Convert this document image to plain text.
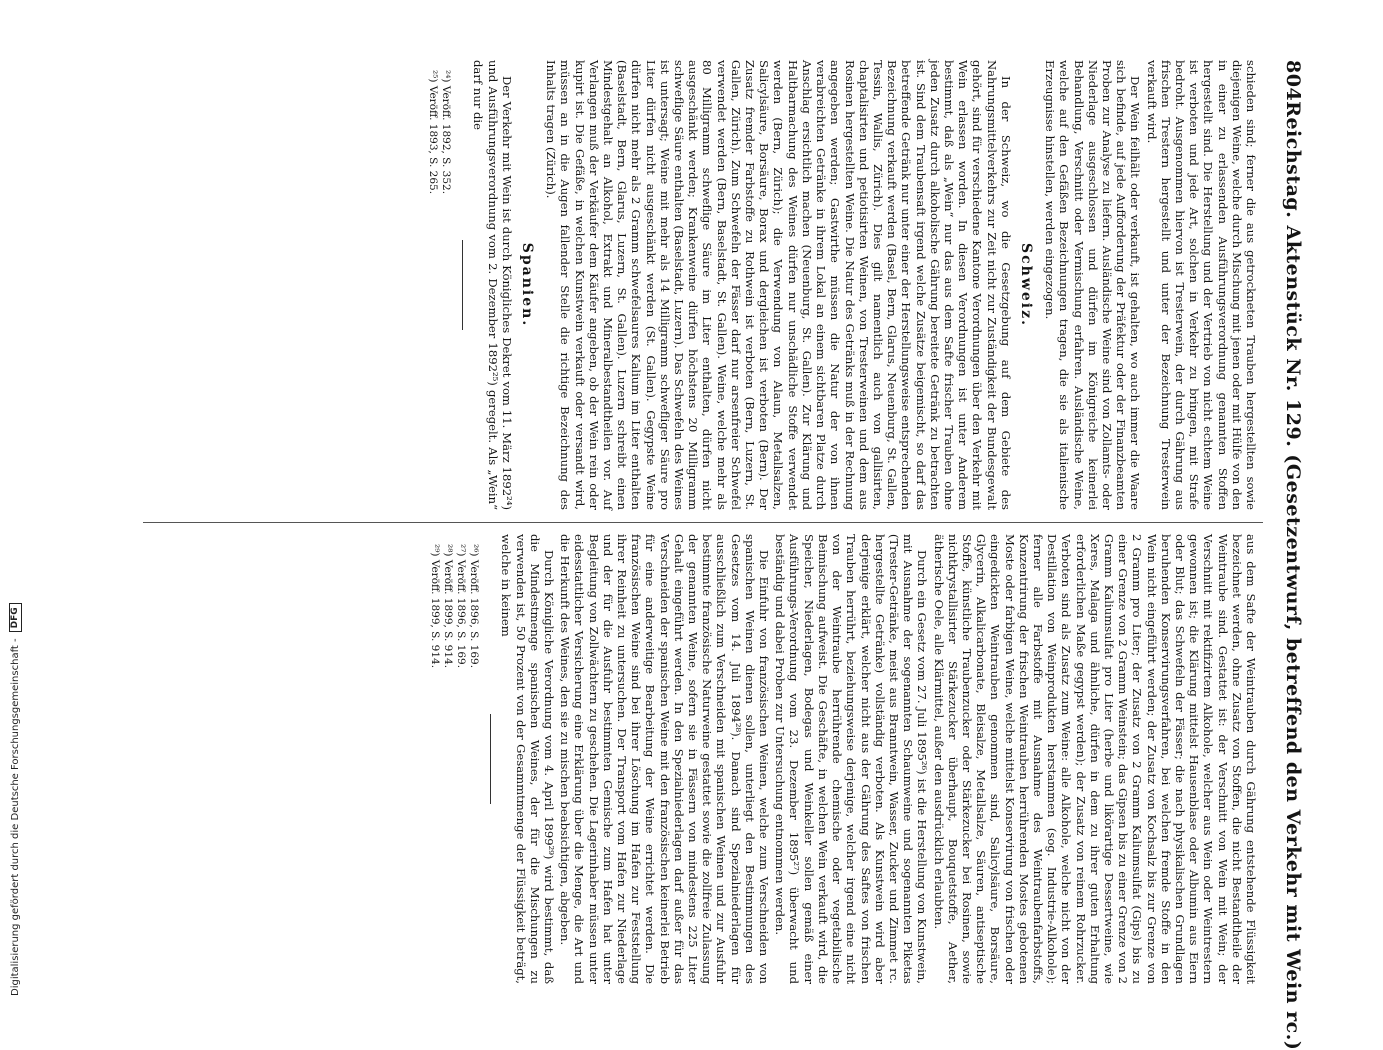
804
Reichstag. Aktenstück Nr. 129. (Gesetzentwurf, betreffend den Verkehr mit Wein rc.)

schieden sind; ferner die aus getrockneten Trauben hergestellten sowie diejenigen Weine, welche durch Mischung mit jenen oder mit Hülfe von den in einer zu erlassenden Ausführungsverordnung genannten Stoffen hergestellt sind. Die Herstellung und der Vertrieb von nicht echtem Weine ist verboten und jede Art, solchen in Verkehr zu bringen, mit Strafe bedroht. Ausgenommen hiervon ist Tresterwein, der durch Gährung aus frischen Trestern hergestellt und unter der Bezeichnung Tresterwein verkauft wird.

Der Wein feilhält oder verkauft, ist gehalten, wo auch immer die Waare sich befinde, auf jede Aufforderung der Präfektur oder der Finanzbeamten Proben zur Analyse zu liefern. Ausländische Weine sind von Zollamts- oder Niederlage ausgeschlossen und dürfen im Königreiche keinerlei Behandlung, Verschnitt oder Vermischung erfahren. Ausländische Weine, welche auf den Gefäßen Bezeichnungen tragen, die sie als italienische Erzeugnisse hinstellen, werden eingezogen.

Schweiz.

In der Schweiz, wo die Gesetzgebung auf dem Gebiete des Nahrungsmittelverkehrs zur Zeit nicht zur Zuständigkeit der Bundesgewalt gehört, sind für verschiedene Kantone Verordnungen über den Verkehr mit Wein erlassen worden. In diesen Verordnungen ist unter Anderem bestimmt, daß als „Wein“ nur das aus dem Safte frischer Trauben ohne jeden Zusatz durch alkoholische Gährung bereitete Getränk zu betrachten ist. Sind dem Traubensaft irgend welche Zusätze beigemischt, so darf das betreffende Getränk nur unter einer der Herstellungsweise entsprechenden Bezeichnung verkauft werden (Basel, Bern, Glarus, Neuenburg, St. Gallen, Tessin, Wallis, Zürich). Dies gilt namentlich auch von gallisirten, chaptalisirten und petiotisirten Weinen, von Tresterweinen und dem aus Rosinen hergestellten Weine. Die Natur des Getränks muß in der Rechnung angegeben werden; Gastwirthe müssen die Natur der von ihnen verabreichten Getränke in ihrem Lokal an einem sichtbaren Platze durch Anschlag ersichtlich machen (Neuenburg, St. Gallen). Zur Klärung und Haltbarmachung des Weines dürfen nur unschädliche Stoffe verwendet werden (Bern, Zürich); die Verwendung von Alaun, Metallsalzen, Salicylsäure, Borsäure, Borax und dergleichen ist verboten (Bern). Der Zusatz fremder Farbstoffe zu Rothwein ist verboten (Bern, Luzern, St. Gallen, Zürich). Zum Schwefeln der Fässer darf nur arsenfreier Schwefel verwendet werden (Bern, Baselstadt, St. Gallen). Weine, welche mehr als 80 Milligramm schweflige Säure im Liter enthalten, dürfen nicht ausgeschänkt werden; Krankenweine dürfen höchstens 20 Milligramm schweflige Säure enthalten (Baselstadt, Luzern). Das Schwefeln des Weines ist untersagt; Weine mit mehr als 14 Milligramm schwefliger Säure pro Liter dürfen nicht ausgeschänkt werden (St. Gallen). Gegypste Weine dürfen nicht mehr als 2 Gramm schwefelsaures Kalium im Liter enthalten (Baselstadt, Bern, Glarus, Luzern, St. Gallen). Luzern schreibt einen Mindestgehalt an Alkohol, Extrakt und Mineralbestandtheilen vor. Auf Verlangen muß der Verkäufer dem Käufer angeben, ob der Wein rein oder kupirt ist. Die Gefäße, in welchen Kunstwein verkauft oder versandt wird, müssen an in die Augen fallender Stelle die richtige Bezeichnung des Inhalts tragen (Zürich).

Spanien.

Der Verkehr mit Wein ist durch Königliches Dekret vom 11. März 1892²⁴) und Ausführungsverordnung vom 2. Dezember 1892²⁵) geregelt. Als „Wein“ darf nur die

²⁴) Veröff. 1892, S. 352.

²⁵) Veröff. 1893, S. 265.

aus dem Safte der Weintrauben durch Gährung entstehende Flüssigkeit bezeichnet werden, ohne Zusatz von Stoffen, die nicht Bestandtheile der Weintraube sind. Gestattet ist: der Verschnitt von Wein mit Wein; der Verschnitt mit rektifizirtem Alkohole, welcher aus Wein oder Weintrestern gewonnen ist; die Klärung mittelst Hausenblase oder Albumin aus Eiern oder Blut; das Schwefeln der Fässer; die nach physikalischen Grundlagen beruhenden Konservirungsverfahren, bei welchen fremde Stoffe in den Wein nicht eingeführt werden; der Zusatz von Kochsalz bis zur Grenze von 2 Gramm pro Liter; der Zusatz von 2 Gramm Kaliumsulfat (Gips) bis zu einer Grenze von 2 Gramm Weinstein; das Gipsen bis zu einer Grenze von 2 Gramm Kaliumsulfat pro Liter (herbe und likörartige Dessertweine, wie Xeres, Malaga und ähnliche, dürfen in dem zu ihrer guten Erhaltung erforderlichen Maße gegypst werden); der Zusatz von reinem Rohrzucker. Verboten sind als Zusatz zum Weine: alle Alkohole, welche nicht von der Destillation von Weinprodukten herstammen (sog. Industrie-Alkohole); ferner alle Farbstoffe mit Ausnahme des Weintraubenfarbstoffs, Konzentrirung der frischen Weintrauben herrührenden Mostes gebotenen Moste oder farbigen Weine, welche mittelst Konservirung von frischen oder eingedickten Weintrauben genommen sind, Salicylsäure, Borsäure, Glycerin, Alkalicarbonate, Bleisalze, Metallsalze, Säuren, antiseptische Stoffe, künstliche Traubenzucker oder Stärkezucker bei Rosinen, sowie nichtkrystallisirter Stärkezucker überhaupt, Bouquetstoffe, Aether, ätherische Oele, alle Klärmittel, außer den ausdrücklich erlaubten.

Durch ein Gesetz vom 27. Juli 1895²⁶) ist die Herstellung von Kunstwein, mit Ausnahme der sogenannten Schaumweine und sogenannten Piketas (Trester-Getränke, meist aus Branntwein, Wasser, Zucker und Zimmet rc. hergestellte Getränke) vollständig verboten. Als Kunstwein wird aber derjenige erklärt, welcher nicht aus der Gährung des Saftes von frischen Trauben herrührt, beziehungsweise derjenige, welcher irgend eine nicht von der Weintraube herrührende chemische oder vegetabilische Beimischung aufweist. Die Geschäfte, in welchen Wein verkauft wird, die Speicher, Niederlagen, Bodegas und Weinkeller sollen gemäß einer Ausführungs-Verordnung vom 23. Dezember 1895²⁷) überwacht und beständig und dabei Proben zur Untersuchung entnommen werden.

Die Einfuhr von französischen Weinen, welche zum Verschneiden von spanischen Weinen dienen sollen, unterliegt den Bestimmungen des Gesetzes vom 14. Juli 1894²⁸). Danach sind Spezialniederlagen für ausschließlich zum Verschneiden mit spanischen Weinen und zur Ausfuhr bestimmte französische Naturweine gestattet sowie die zollfreie Zulassung der genannten Weine, sofern sie in Fässern von mindestens 225 Liter Gehalt eingeführt werden. In den Spezialniederlagen darf außer für das Verschneiden der spanischen Weine mit den französischen keinerlei Betrieb für eine anderweitige Bearbeitung der Weine errichtet werden. Die französischen Weine sind bei ihrer Löschung im Hafen zur Feststellung ihrer Reinheit zu untersuchen. Der Transport vom Hafen zur Niederlage und der für die Ausfuhr bestimmten Gemische zum Hafen hat unter Begleitung von Zollwächtern zu geschehen. Die Lagerinhaber müssen unter eidesstattlicher Versicherung eine Erklärung über die Menge, die Art und die Herkunft des Weines, den sie zu mischen beabsichtigen, abgeben.

Durch Königliche Verordnung vom 4. April 1899²⁹) wird bestimmt, daß die Mindestmenge spanischen Weines, der für die Mischungen zu verwenden ist, 50 Prozent von der Gesammtmenge der Flüssigkeit beträgt, welche in keinem

²⁶) Veröff. 1896, S. 169.

²⁷) Veröff. 1896, S. 169.

²⁸) Veröff. 1899, S. 914.

²⁹) Veröff. 1899, S. 914.

Digitalisierung gefördert durch die Deutsche Forschungsgemeinschaft -
DFG
